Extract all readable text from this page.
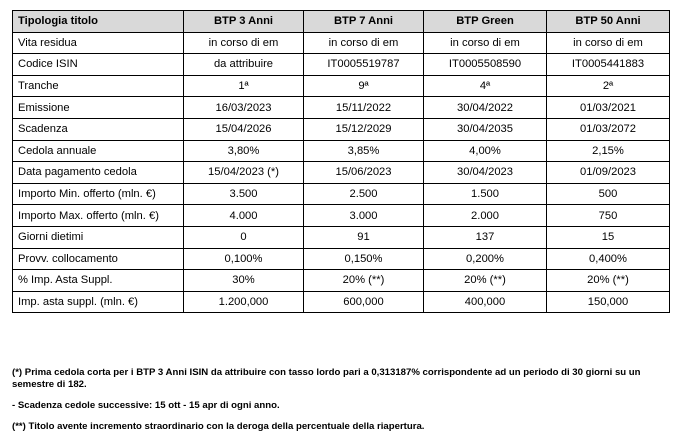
Tipologia titolo	BTP 3 Anni	BTP 7 Anni	BTP Green	BTP 50 Anni
Vita residua	in corso di em	in corso di em	in corso di em	in corso di em
Codice ISIN	da attribuire	IT0005519787	IT0005508590	IT0005441883
Tranche	1ª	9ª	4ª	2ª
Emissione	16/03/2023	15/11/2022	30/04/2022	01/03/2021
Scadenza	15/04/2026	15/12/2029	30/04/2035	01/03/2072
Cedola annuale	3,80%	3,85%	4,00%	2,15%
Data pagamento cedola	15/04/2023 (*)	15/06/2023	30/04/2023	01/09/2023
Importo Min. offerto (mln. €)	3.500	2.500	1.500	500
Importo Max. offerto (mln. €)	4.000	3.000	2.000	750
Giorni dietimi	0	91	137	15
Provv. collocamento	0,100%	0,150%	0,200%	0,400%
% Imp. Asta Suppl.	30%	20% (**)	20% (**)	20% (**)
Imp. asta suppl. (mln. €)	1.200,000	600,000	400,000	150,000

(*) Prima cedola corta per i BTP 3 Anni ISIN da attribuire con tasso lordo pari a 0,313187% corrispondente ad un periodo di 30 giorni su un semestre di 182.

- Scadenza cedole successive: 15 ott - 15 apr di ogni anno.

(**) Titolo avente incremento straordinario con la deroga della percentuale della riapertura.
